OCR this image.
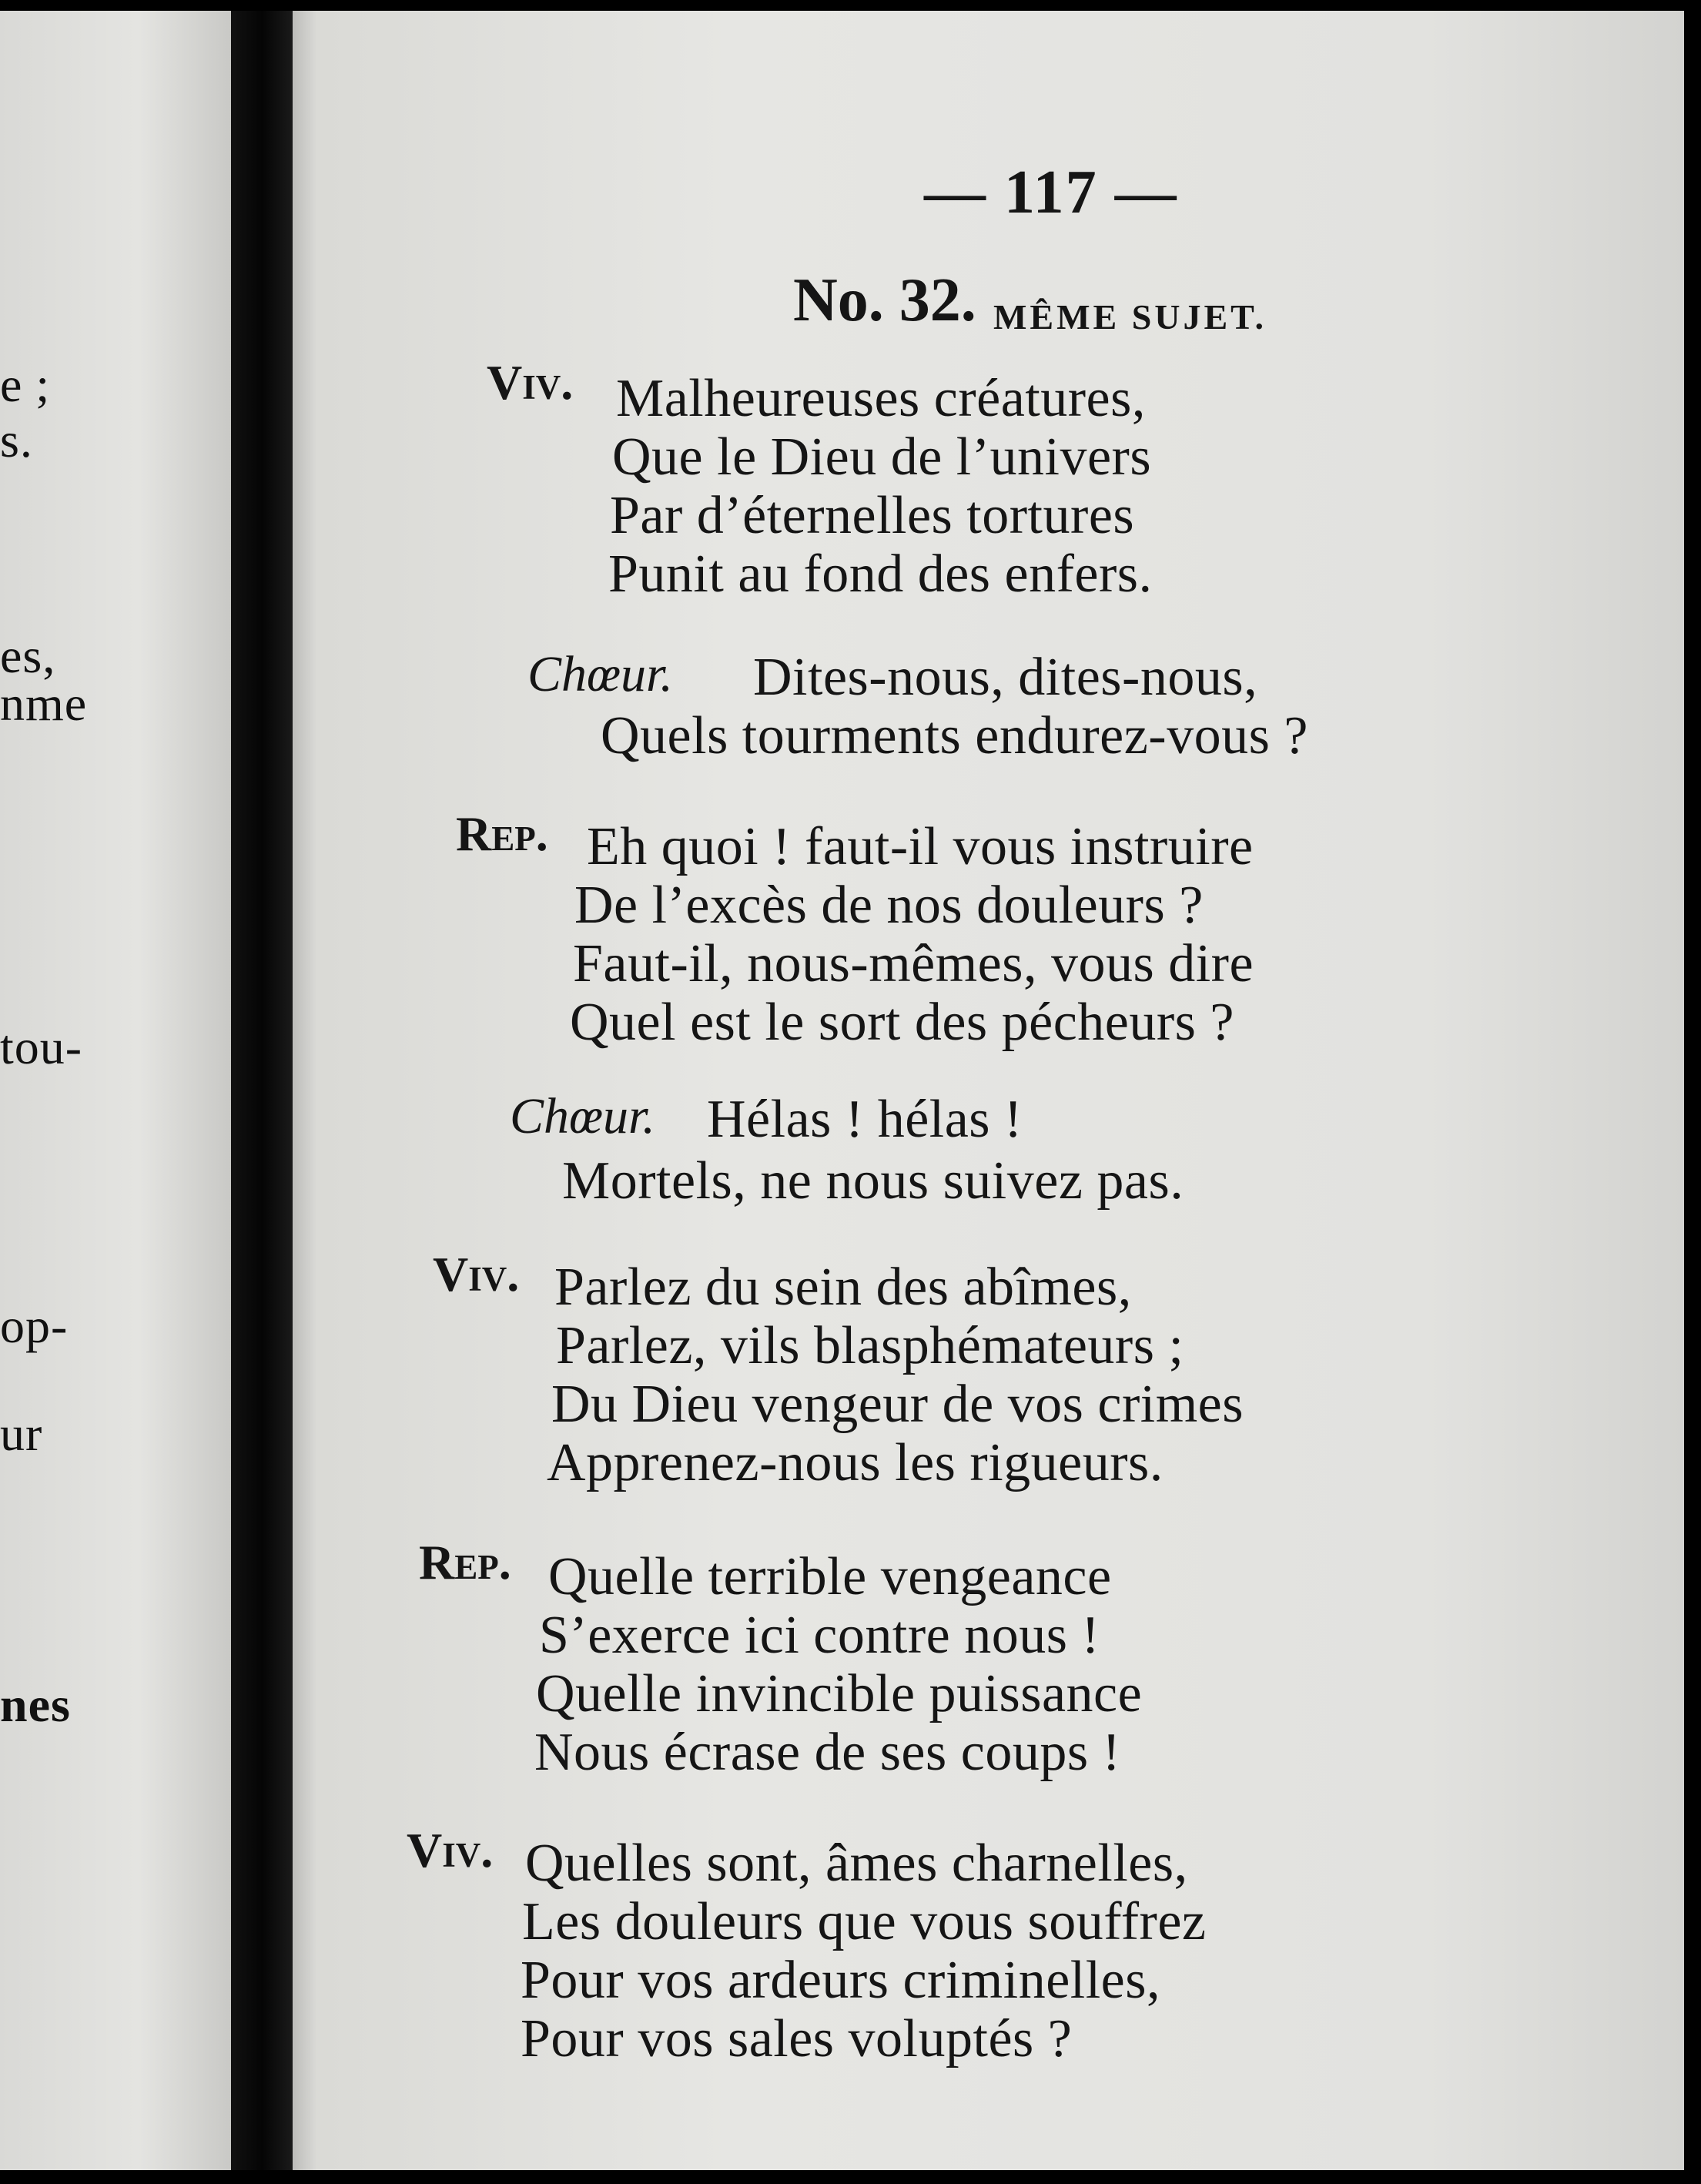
e ;
s.
es,
nme
tou-
op-
ur
nes
— 117 —
No. 32. MÊME SUJET.
Viv. Malheureuses créatures,
Que le Dieu de l’univers
Par d’éternelles tortures
Punit au fond des enfers.
Chœur. Dites-nous, dites-nous,
Quels tourments endurez-vous ?
Rep. Eh quoi ! faut-il vous instruire
De l’excès de nos douleurs ?
Faut-il, nous-mêmes, vous dire
Quel est le sort des pécheurs ?
Chœur. Hélas ! hélas !
Mortels, ne nous suivez pas.
Viv. Parlez du sein des abîmes,
Parlez, vils blasphémateurs ;
Du Dieu vengeur de vos crimes
Apprenez-nous les rigueurs.
Rep. Quelle terrible vengeance
S’exerce ici contre nous !
Quelle invincible puissance
Nous écrase de ses coups !
Viv. Quelles sont, âmes charnelles,
Les douleurs que vous souffrez
Pour vos ardeurs criminelles,
Pour vos sales voluptés ?
